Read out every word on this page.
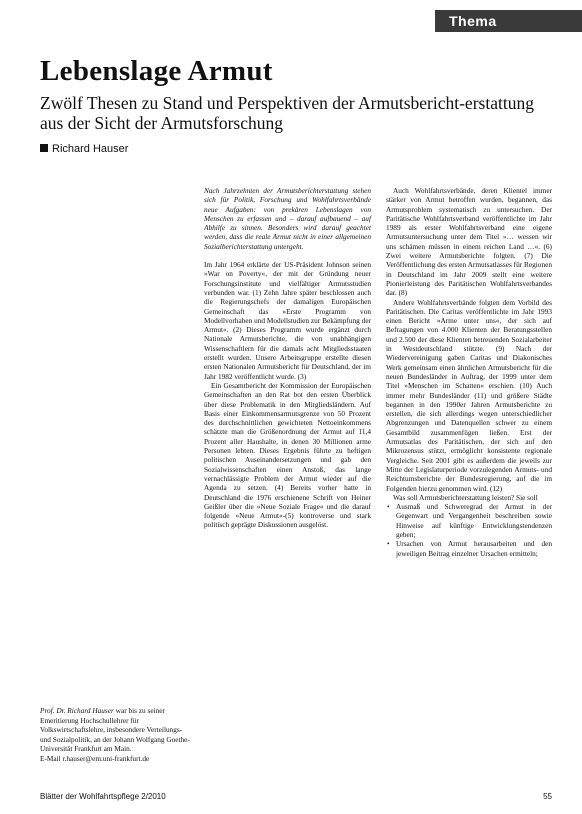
Thema
Lebenslage Armut
Zwölf Thesen zu Stand und Perspektiven der Armutsbericht-erstattung aus der Sicht der Armutsforschung
Richard Hauser

Nach Jahrzehnten der Armutsberichterstattung stehen sich für Politik, Forschung und Wohlfahrtsverbände neue Aufgaben: von prekären Lebenslagen von Menschen zu erfassen und – darauf aufbauend – auf Abhilfe zu sinnen. Besonders wird darauf geachtet werden, dass die reale Armut nicht in einer allgemeinen Sozialberichterstattung untergeht.

Im Jahr 1964 erklärte der US-Präsident Johnson seinen »War on Poverty«, der mit der Gründung neuer Forschungsinstitute und vielfältiger Armutsstudien verbunden war. (1) Zehn Jahre später beschlossen auch die Regierungschefs der damaligen Europäischen Gemeinschaft das »Erste Programm von Modellvorhaben und Modellstudien zur Bekämpfung der Armut«. (2) Dieses Programm wurde ergänzt durch Nationale Armutsberichte, die von unabhängigen Wissenschaftlern für die damals acht Mitgliedsstaaten erstellt wurden. Unsere Arbeitsgruppe erstellte diesen ersten Nationalen Armutsbericht für Deutschland, der im Jahr 1982 veröffentlicht wurde. (3)

Ein Gesamtbericht der Kommission der Europäischen Gemeinschaften an den Rat bot den ersten Überblick über diese Problematik in den Mitgliedsländern. Auf Basis einer Einkommensarmutsgrenze von 50 Prozent des durchschnittlichen gewichteten Nettoeinkommens schätzte man die Größenordnung der Armut auf 11,4 Prozent aller Haushalte, in denen 30 Millionen arme Personen lebten. Dieses Ergebnis führte zu heftigen politischen Auseinandersetzungen und gab den Sozialwissenschaften einen Anstoß, das lange vernachlässigte Problem der Armut wieder auf die Agenda zu setzen. (4) Bereits vorher hatte in Deutschland die 1976 erschienene Schrift von Heiner Geißler über die »Neue Soziale Frage« und die darauf folgende »Neue Armut«-(5) kontroverse und stark politisch geprägte Diskussionen ausgelöst.

Auch Wohlfahrtsverbände, deren Klientel immer stärker von Armut betroffen wurden, begannen, das Armutsproblem systematisch zu untersuchen. Der Paritätische Wohlfahrtsverband veröffentlichte im Jahr 1989 als erster Wohlfahrtsverband eine eigene Armutsuntersuchung unter dem Titel »… wessen wir uns schämen müssen in einem reichen Land …«. (6) Zwei weitere Armutsberichte folgten. (7) Die Veröffentlichung des ersten Armutsatlasses für Regionen in Deutschland im Jahr 2009 stellt eine weitere Pionierleistung des Paritätischen Wohlfahrtsverbandes dar. (8)

Andere Wohlfahrtsverbände folgten dem Vorbild des Paritätischen. Die Caritas veröffentlichte im Jahr 1993 einen Bericht »Arme unter uns«, der sich auf Befragungen von 4.000 Klienten der Beratungsstellen und 2.500 der diese Klienten betreuenden Sozialarbeiter in Westdeutschland stützte. (9) Nach der Wiedervereinigung gaben Caritas und Diakonisches Werk gemeinsam einen ähnlichen Armutsbericht für die neuen Bundesländer in Auftrag, der 1999 unter dem Titel »Menschen im Schatten« erschien. (10) Auch immer mehr Bundesländer (11) und größere Städte begannen in den 1990er Jahren Armutsberichte zu erstellen, die sich allerdings wegen unterschiedlicher Abgrenzungen und Datenquellen schwer zu einem Gesamtbild zusammenfügen ließen. Erst der Armutsatlas des Paritätischen, der sich auf den Mikrozensus stützt, ermöglicht konsistente regionale Vergleiche. Seit 2001 gibt es außerdem die jeweils zur Mitte der Legislaturperiode vorzulegenden Armuts- und Reichtumsberichte der Bundesregierung, auf die im Folgenden hierzu genommen wird. (12)

Was soll Armutsberichterstattung leisten? Sie soll

• Ausmaß und Schweregrad der Armut in der Gegenwart und Vergangenheit beschreiben sowie Hinweise auf künftige Entwicklungstendenzen geben;
• Ursachen von Armut herausarbeiten und den jeweiligen Beitrag einzelner Ursachen ermitteln;
Prof. Dr. Richard Hauser war bis zu seiner Emeritierung Hochschullehrer für Volkswirtschaftslehre, insbesondere Verteilungs- und Sozialpolitik, an der Johann Wolfgang Goethe-Universität Frankfurt am Main.
E-Mail r.hauser@em.uni-frankfurt.de
Blätter der Wohlfahrtspflege 2/2010	55
